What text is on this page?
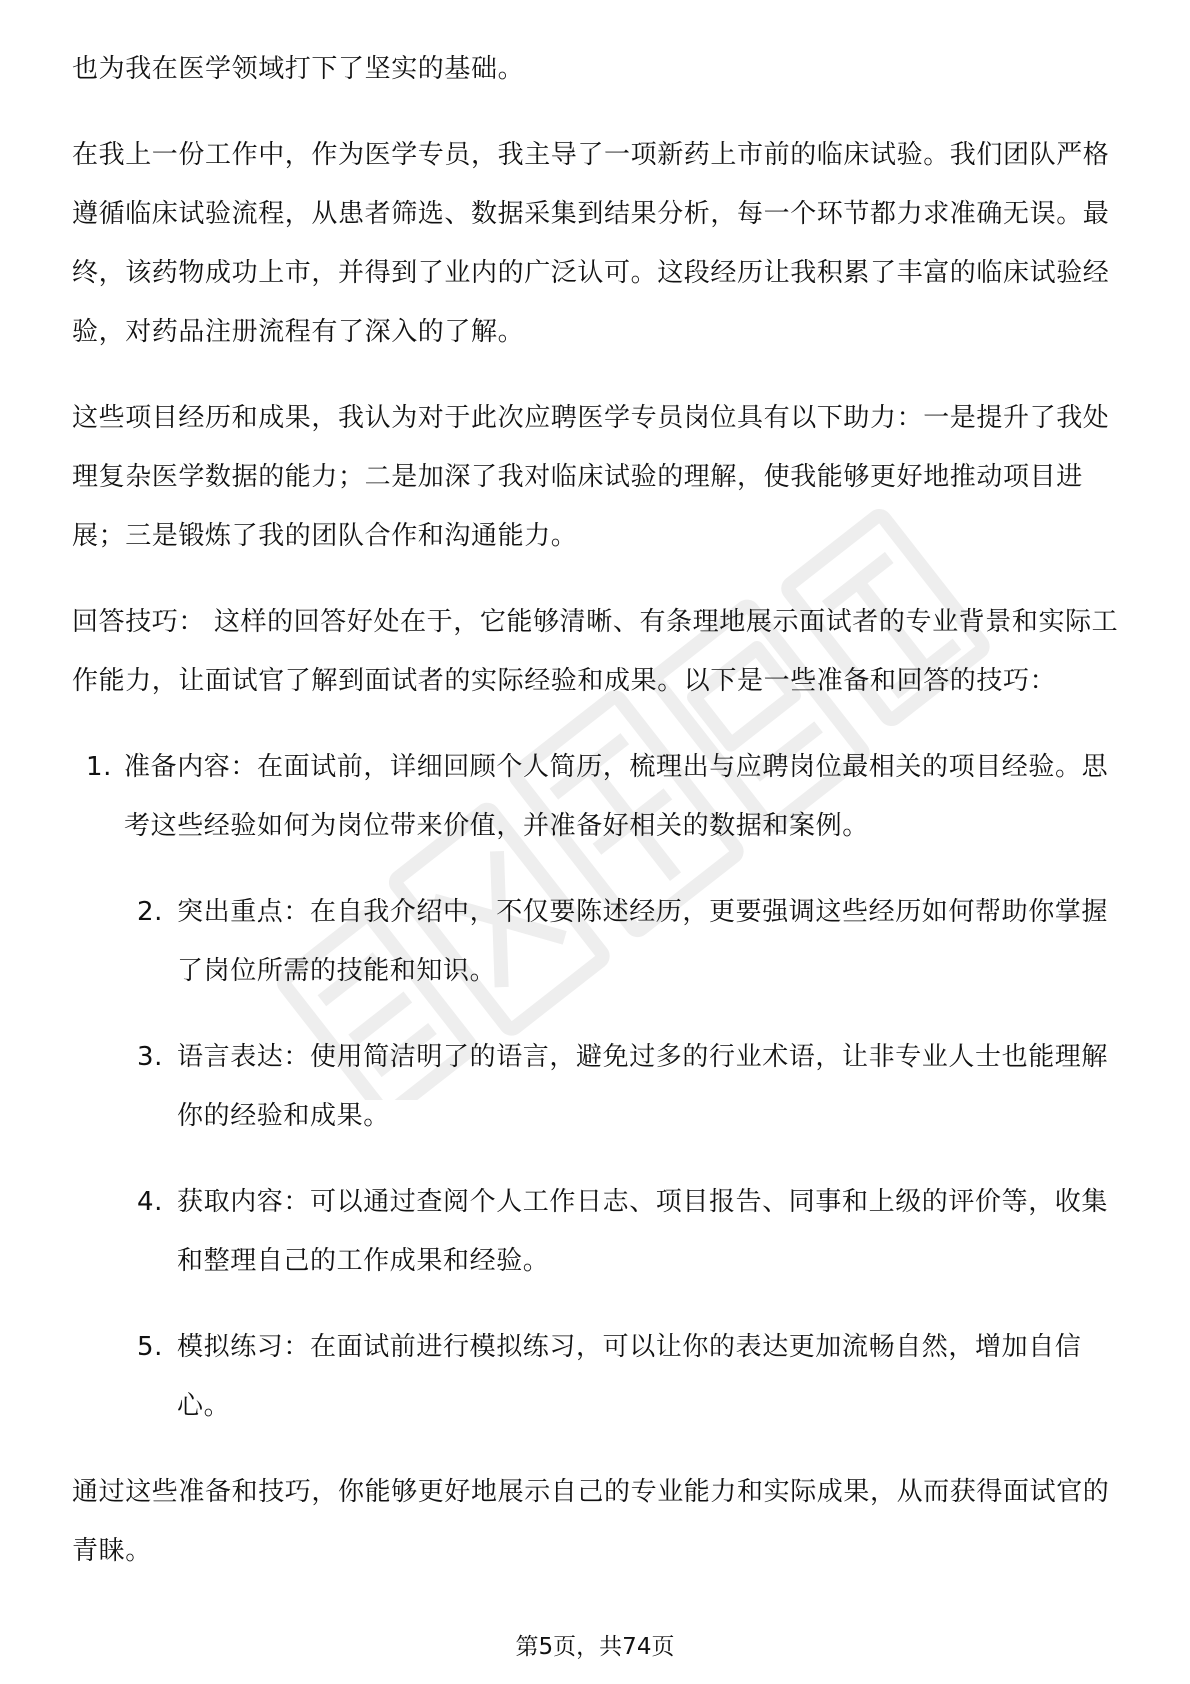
也为我在医学领域打下了坚实的基础。

在我上一份工作中，作为医学专员，我主导了一项新药上市前的临床试验。我们团队严格遵循临床试验流程，从患者筛选、数据采集到结果分析，每一个环节都力求准确无误。最终，该药物成功上市，并得到了业内的广泛认可。这段经历让我积累了丰富的临床试验经验，对药品注册流程有了深入的了解。

这些项目经历和成果，我认为对于此次应聘医学专员岗位具有以下助力：一是提升了我处理复杂医学数据的能力；二是加深了我对临床试验的理解，使我能够更好地推动项目进展；三是锻炼了我的团队合作和沟通能力。

回答技巧： 这样的回答好处在于，它能够清晰、有条理地展示面试者的专业背景和实际工作能力，让面试官了解到面试者的实际经验和成果。以下是一些准备和回答的技巧：

1. 准备内容：在面试前，详细回顾个人简历，梳理出与应聘岗位最相关的项目经验。思考这些经验如何为岗位带来价值，并准备好相关的数据和案例。
2. 突出重点：在自我介绍中，不仅要陈述经历，更要强调这些经历如何帮助你掌握了岗位所需的技能和知识。
3. 语言表达：使用简洁明了的语言，避免过多的行业术语，让非专业人士也能理解你的经验和成果。
4. 获取内容：可以通过查阅个人工作日志、项目报告、同事和上级的评价等，收集和整理自己的工作成果和经验。
5. 模拟练习：在面试前进行模拟练习，可以让你的表达更加流畅自然，增加自信心。

通过这些准备和技巧，你能够更好地展示自己的专业能力和实际成果，从而获得面试官的青睐。

第5页，共74页
